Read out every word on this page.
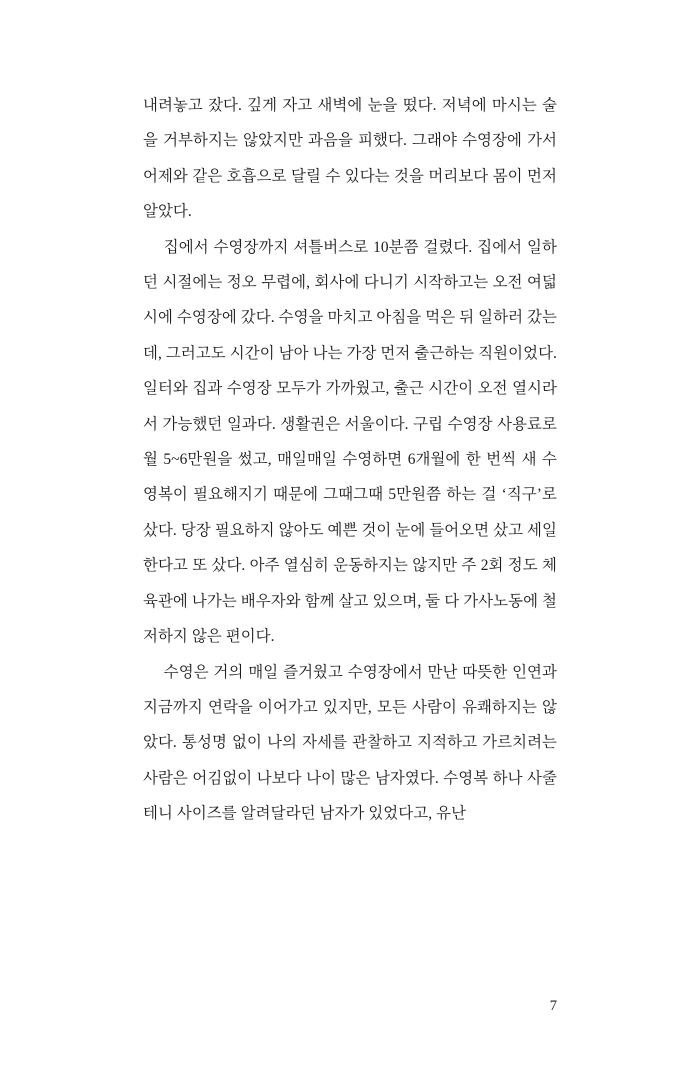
내려놓고 잤다. 깊게 자고 새벽에 눈을 떴다. 저녁에 마시는 술을 거부하지는 않았지만 과음을 피했다. 그래야 수영장에 가서 어제와 같은 호흡으로 달릴 수 있다는 것을 머리보다 몸이 먼저 알았다.

집에서 수영장까지 셔틀버스로 10분쯤 걸렸다. 집에서 일하던 시절에는 정오 무렵에, 회사에 다니기 시작하고는 오전 여덟시에 수영장에 갔다. 수영을 마치고 아침을 먹은 뒤 일하러 갔는데, 그러고도 시간이 남아 나는 가장 먼저 출근하는 직원이었다. 일터와 집과 수영장 모두가 가까웠고, 출근 시간이 오전 열시라서 가능했던 일과다. 생활권은 서울이다. 구립 수영장 사용료로 월 5~6만원을 썼고, 매일매일 수영하면 6개월에 한 번씩 새 수영복이 필요해지기 때문에 그때그때 5만원쯤 하는 걸 ‘직구’로 샀다. 당장 필요하지 않아도 예쁜 것이 눈에 들어오면 샀고 세일한다고 또 샀다. 아주 열심히 운동하지는 않지만 주 2회 정도 체육관에 나가는 배우자와 함께 살고 있으며, 둘 다 가사노동에 철저하지 않은 편이다.

수영은 거의 매일 즐거웠고 수영장에서 만난 따뜻한 인연과 지금까지 연락을 이어가고 있지만, 모든 사람이 유쾌하지는 않았다. 통성명 없이 나의 자세를 관찰하고 지적하고 가르치려는 사람은 어김없이 나보다 나이 많은 남자였다. 수영복 하나 사줄 테니 사이즈를 알려달라던 남자가 있었다고, 유난

7
